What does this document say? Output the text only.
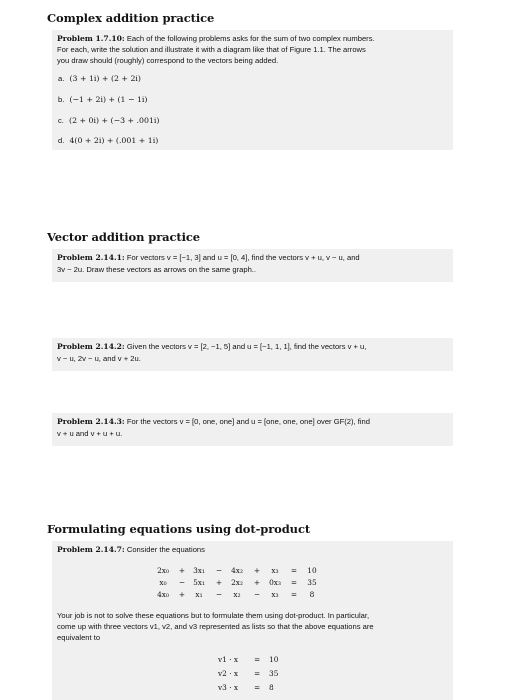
Complex addition practice
Problem 1.7.10: Each of the following problems asks for the sum of two complex numbers.
For each, write the solution and illustrate it with a diagram like that of Figure 1.1. The arrows
you draw should (roughly) correspond to the vectors being added.
a. (3 + 1i) + (2 + 2i)
b. (−1 + 2i) + (1 − 1i)
c. (2 + 0i) + (−3 + .001i)
d. 4(0 + 2i) + (.001 + 1i)
Vector addition practice
Problem 2.14.1: For vectors v = [−1, 3] and u = [0, 4], find the vectors v + u, v − u, and
3v − 2u. Draw these vectors as arrows on the same graph..
Problem 2.14.2: Given the vectors v = [2, −1, 5] and u = [−1, 1, 1], find the vectors v + u,
v − u, 2v − u, and v + 2u.
Problem 2.14.3: For the vectors v = [0, one, one] and u = [one, one, one] over GF(2), find
v + u and v + u + u.
Formulating equations using dot-product
Problem 2.14.7: Consider the equations
2x₀	+	3x₁	−	4x₂	+	x₃	=	10
x₀	−	5x₁	+	2x₂	+	0x₃	=	35
4x₀	+	x₁	−	x₂	−	x₃	=	8
Your job is not to solve these equations but to formulate them using dot-product. In particular,
come up with three vectors v1, v2, and v3 represented as lists so that the above equations are
equivalent to
v1 · x = 10
v2 · x = 35
v3 · x = 8
